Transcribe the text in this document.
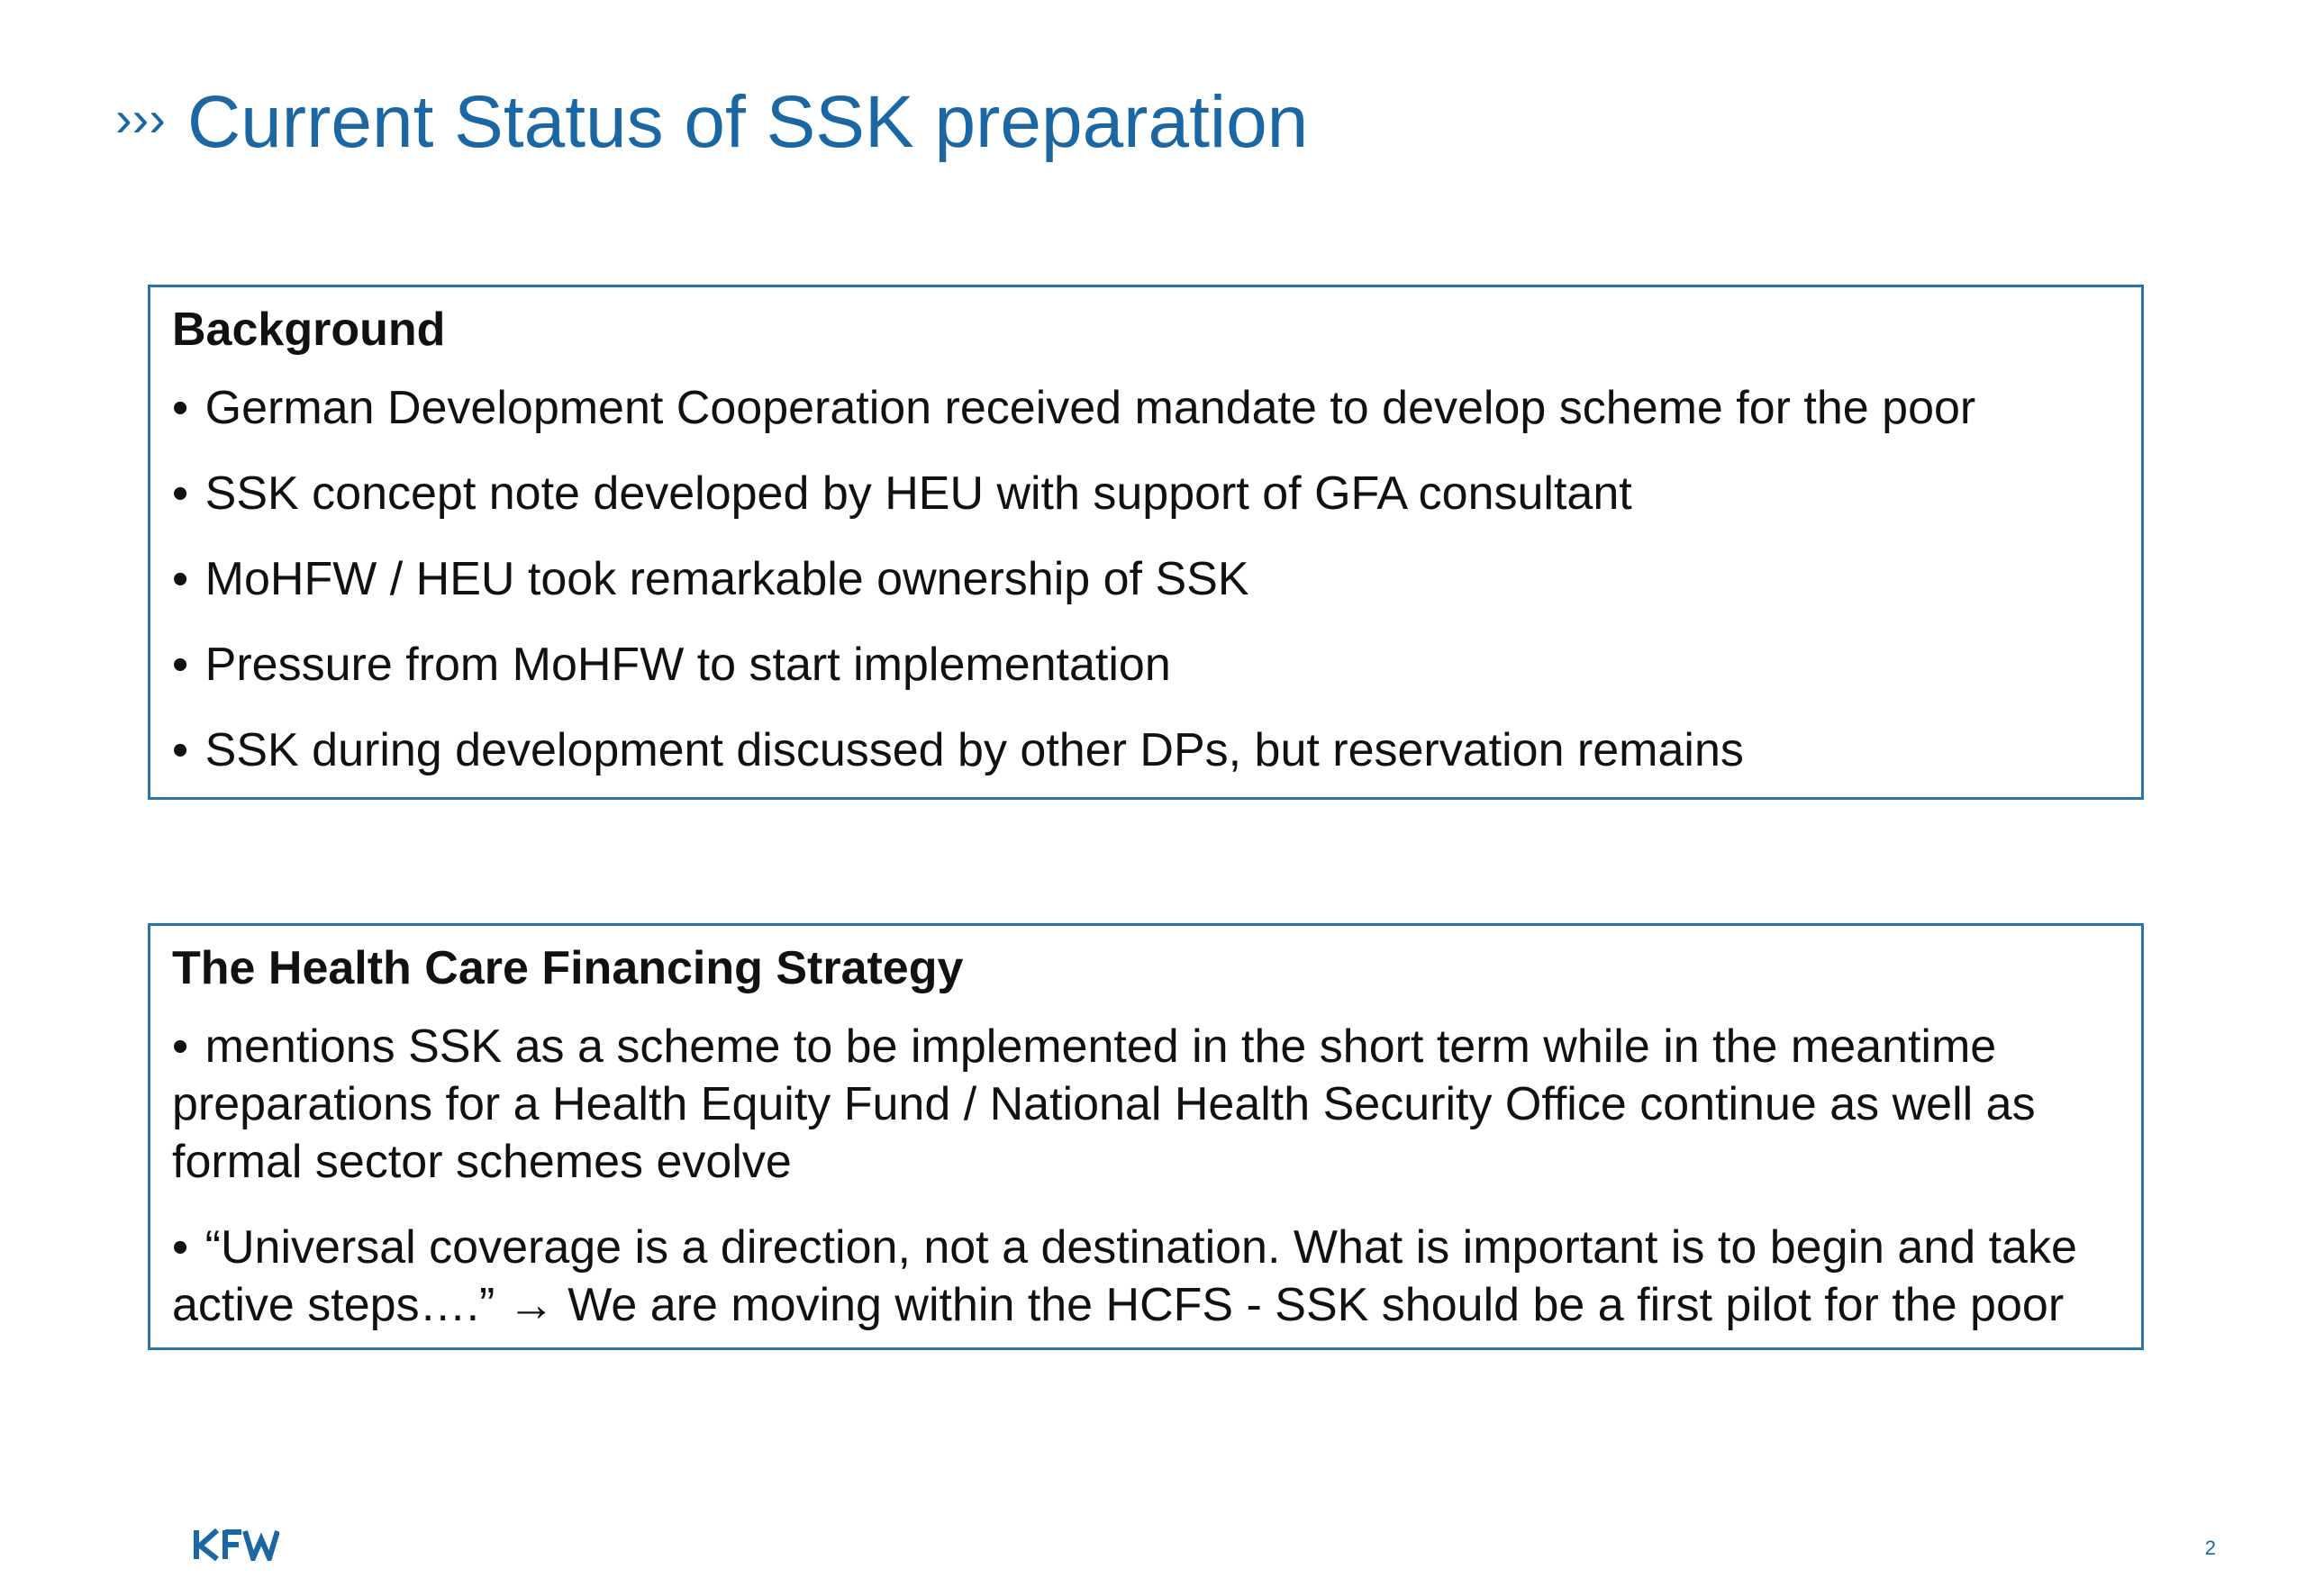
››› Current Status of SSK preparation
Background
• German Development Cooperation received mandate to develop scheme for the poor
• SSK concept note developed by HEU with support of GFA consultant
• MoHFW / HEU took remarkable ownership of SSK
• Pressure from MoHFW to start implementation
• SSK during development discussed by other DPs, but reservation remains
The Health Care Financing Strategy
• mentions SSK as a scheme to be implemented in the short term while in the meantime preparations for a Health Equity Fund / National Health Security Office continue as well as formal sector schemes evolve
• “Universal coverage is a direction, not a destination. What is important is to begin and take active steps….” → We are moving within the HCFS - SSK should be a first pilot for the poor
2
